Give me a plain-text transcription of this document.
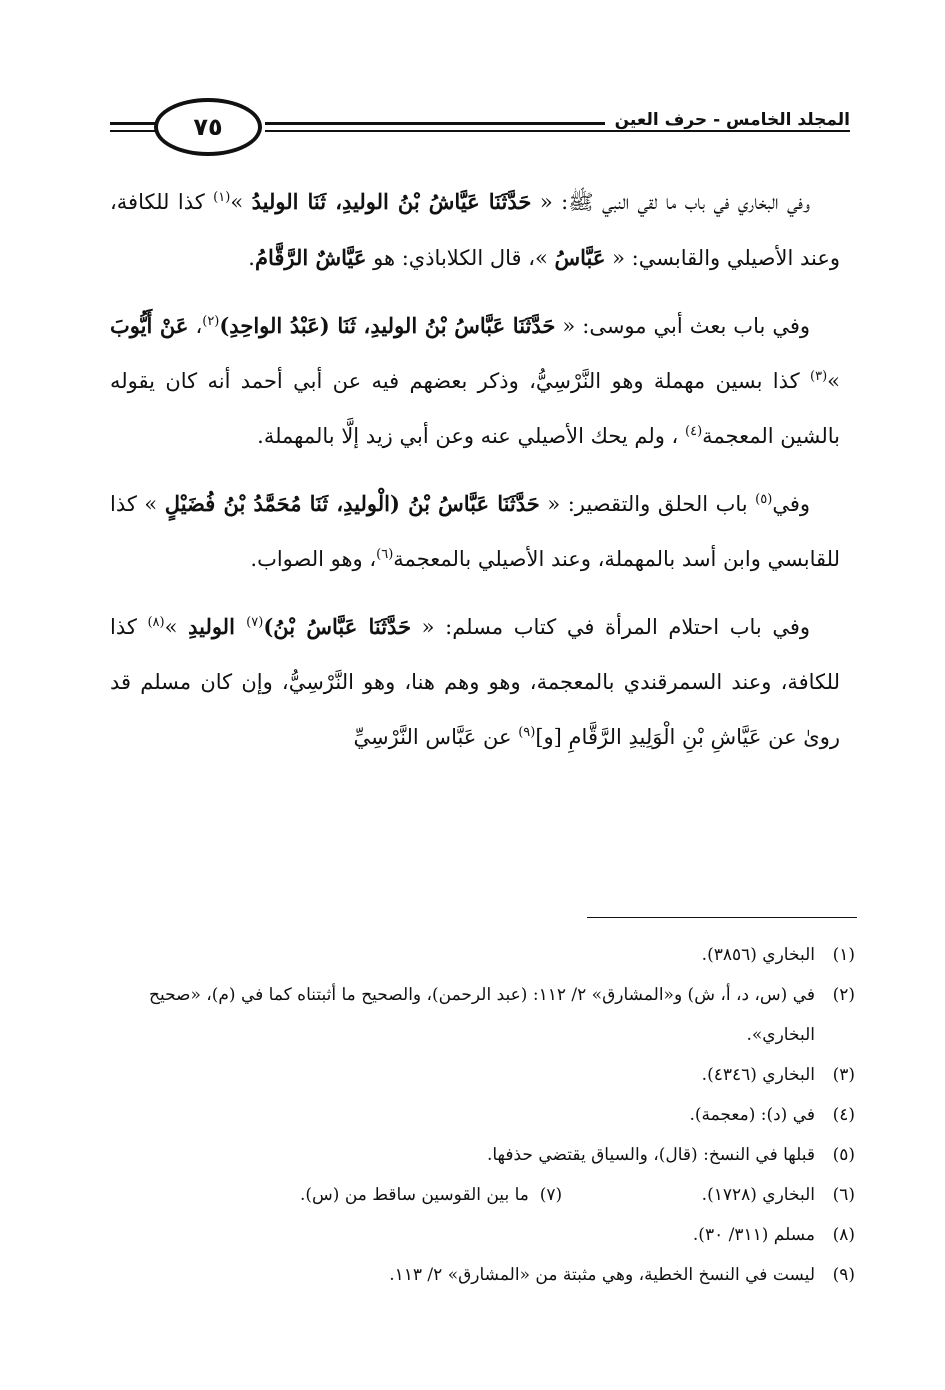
المجلد الخامس - حرف العين
٧٥

وفي البخاري في باب ما لقي النبي ﷺ: « حَدَّثَنَا عَيَّاشُ بْنُ الوليدِ، ثَنَا الوليدُ »$^{(١)}$ كذا للكافة، وعند الأصيلي والقابسي: « عَبَّاسُ »، قال الكلاباذي: هو عَيَّاشٌ الرَّقَّامُ.

وفي باب بعث أبي موسى: « حَدَّثَنَا عَبَّاسُ بْنُ الوليدِ، ثَنَا (عَبْدُ الواحِدِ)$^{(٢)}$، عَنْ أَيُّوبَ »$^{(٣)}$ كذا بسين مهملة وهو النَّرْسِيُّ، وذكر بعضهم فيه عن أبي أحمد أنه كان يقوله بالشين المعجمة$^{(٤)}$ ، ولم يحك الأصيلي عنه وعن أبي زيد إلَّا بالمهملة.

وفي$^{(٥)}$ باب الحلق والتقصير: « حَدَّثَنَا عَبَّاسُ بْنُ (الْوليدِ، ثَنَا مُحَمَّدُ بْنُ فُضَيْلٍ » كذا للقابسي وابن أسد بالمهملة، وعند الأصيلي بالمعجمة$^{(٦)}$، وهو الصواب.

وفي باب احتلام المرأة في كتاب مسلم: « حَدَّثَنَا عَبَّاسُ بْنُ)$^{(٧)}$ الوليدِ »$^{(٨)}$ كذا للكافة، وعند السمرقندي بالمعجمة، وهو وهم هنا، وهو النَّرْسِيُّ، وإن كان مسلم قد روىٰ عن عَيَّاشِ بْنِ الْوَلِيدِ الرَّقَّامِ [و]$^{(٩)}$ عن عَبَّاس النَّرْسِيِّ

(١)
البخاري (٣٨٥٦).
(٢)
في (س، د، أ، ش) و«المشارق» ٢/ ١١٢: (عبد الرحمن)، والصحيح ما أثبتناه كما في (م)، «صحيح البخاري».
(٣)
البخاري (٤٣٤٦).
(٤)
في (د): (معجمة).
(٥)
قبلها في النسخ: (قال)، والسياق يقتضي حذفها.
(٦)
البخاري (١٧٢٨).
(٧)  ما بين القوسين ساقط من (س).
(٨)
مسلم (٣١١/ ٣٠).
(٩)
ليست في النسخ الخطية، وهي مثبتة من «المشارق» ٢/ ١١٣.
